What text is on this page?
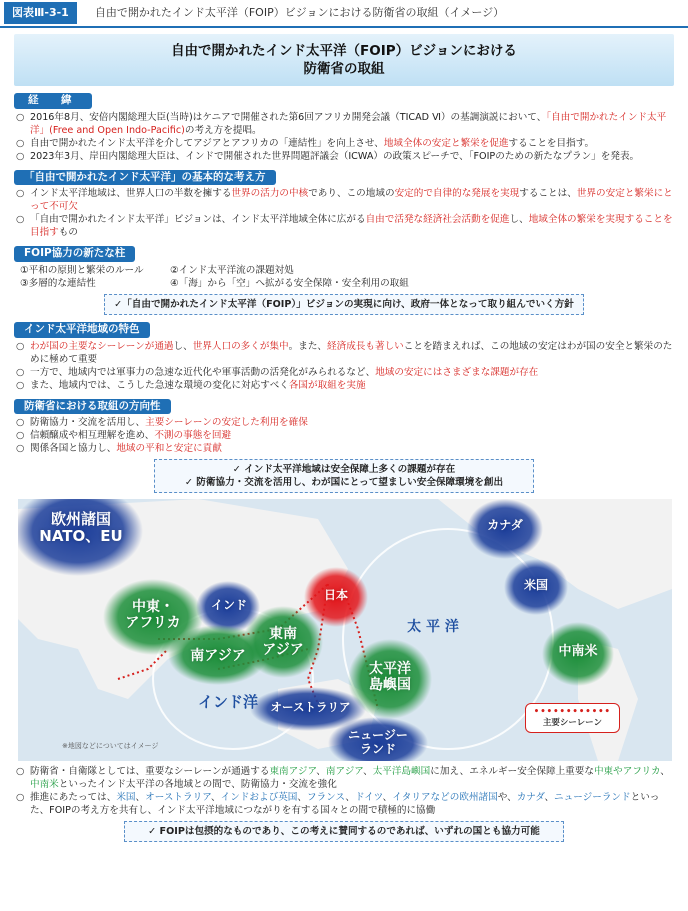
図表Ⅲ-3-1	自由で開かれたインド太平洋（FOIP）ビジョンにおける防衛省の取組（イメージ）
自由で開かれたインド太平洋（FOIP）ビジョンにおける
防衛省の取組
経　緯
○ 2016年8月、安倍内閣総理大臣(当時)はケニアで開催された第6回アフリカ開発会議（TICAD Ⅵ）の基調演説において、「自由で開かれたインド太平洋」(Free and Open Indo-Pacific)の考え方を提唱。
○ 自由で開かれたインド太平洋を介してアジアとアフリカの「連結性」を向上させ、地域全体の安定と繁栄を促進することを目指す。
○ 2023年3月、岸田内閣総理大臣は、インドで開催された世界問題評議会（ICWA）の政策スピーチで、「FOIPのための新たなプラン」を発表。
「自由で開かれたインド太平洋」の基本的な考え方
○ インド太平洋地域は、世界人口の半数を擁する世界の活力の中核であり、この地域の安定的で自律的な発展を実現することは、世界の安定と繁栄にとって不可欠
○ 「自由で開かれたインド太平洋」ビジョンは、インド太平洋地域全体に広がる自由で活発な経済社会活動を促進し、地域全体の繁栄を実現することを目指すもの
FOIP協力の新たな柱
①平和の原則と繁栄のルール	②インド太平洋流の課題対処
③多層的な連結性	④「海」から「空」へ拡がる安全保障・安全利用の取組
✓「自由で開かれたインド太平洋（FOIP）」ビジョンの実現に向け、政府一体となって取り組んでいく方針
インド太平洋地域の特色
○ わが国の主要なシーレーンが通過し、世界人口の多くが集中。また、経済成長も著しいことを踏まえれば、この地域の安定はわが国の安全と繁栄のために極めて重要
○ 一方で、地域内では軍事力の急速な近代化や軍事活動の活発化がみられるなど、地域の安定にはさまざまな課題が存在
○ また、地域内では、こうした急速な環境の変化に対応すべく各国が取組を実施
防衛省における取組の方向性
○ 防衛協力・交流を活用し、主要シーレーンの安定した利用を確保
○ 信頼醸成や相互理解を進め、不測の事態を回避
○ 関係各国と協力し、地域の平和と安定に貢献
✓ インド太平洋地域は安全保障上多くの課題が存在
✓ 防衛協力・交流を活用し、わが国にとって望ましい安全保障環境を創出
欧州諸国
NATO、EU
カナダ
米国
日本
中東・
アフリカ
インド
南アジア
東南
アジア
太 平 洋
太平洋
島嶼国
中南米
インド洋	オーストラリア
ニュージー
ランド
••••••••••••
主要シーレーン
※地図などについてはイメージ
○ 防衛省・自衛隊としては、重要なシーレーンが通過する東南アジア、南アジア、太平洋島嶼国に加え、エネルギー安全保障上重要な中東やアフリカ、中南米といったインド太平洋の各地域との間で、防衛協力・交流を強化
○ 推進にあたっては、米国、オーストラリア、インドおよび英国、フランス、ドイツ、イタリアなどの欧州諸国や、カナダ、ニュージーランドといった、FOIPの考え方を共有し、インド太平洋地域につながりを有する国々との間で積極的に協働
✓ FOIPは包摂的なものであり、この考えに賛同するのであれば、いずれの国とも協力可能
